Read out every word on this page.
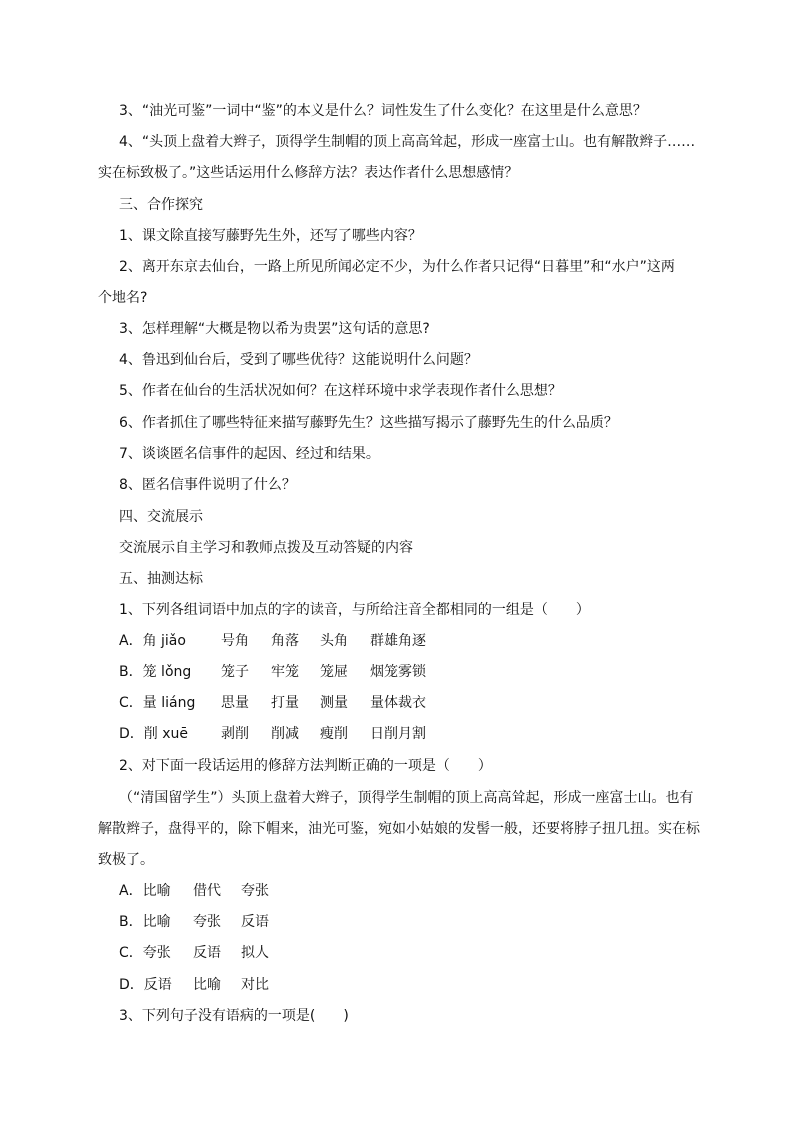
3、“油光可鉴”一词中“鉴”的本义是什么？词性发生了什么变化？在这里是什么意思？
4、“头顶上盘着大辫子，顶得学生制帽的顶上高高耸起，形成一座富士山。也有解散辫子……
实在标致极了。”这些话运用什么修辞方法？表达作者什么思想感情？
三、合作探究
1、课文除直接写藤野先生外，还写了哪些内容？
2、离开东京去仙台，一路上所见所闻必定不少，为什么作者只记得“日暮里”和“水户”这两
个地名?
3、怎样理解“大概是物以希为贵罢”这句话的意思?
4、鲁迅到仙台后，受到了哪些优待？这能说明什么问题？
5、作者在仙台的生活状况如何？在这样环境中求学表现作者什么思想？
6、作者抓住了哪些特征来描写藤野先生？这些描写揭示了藤野先生的什么品质？
7、谈谈匿名信事件的起因、经过和结果。
8、匿名信事件说明了什么？
四、交流展示
交流展示自主学习和教师点拨及互动答疑的内容
五、抽测达标
1、下列各组词语中加点的字的读音，与所给注音全都相同的一组是（　　）
A．角 jiǎo	号角	角落	头角	群雄角逐
B．笼 lǒng	笼子	牢笼	笼屉	烟笼雾锁
C．量 liáng	思量	打量	测量	量体裁衣
D．削 xuē	剥削	削减	瘦削	日削月割
2、对下面一段话运用的修辞方法判断正确的一项是（　　）
（“清国留学生”）头顶上盘着大辫子，顶得学生制帽的顶上高高耸起，形成一座富士山。也有
解散辫子，盘得平的，除下帽来，油光可鉴，宛如小姑娘的发髻一般，还要将脖子扭几扭。实在标
致极了。
A．比喻	借代	夸张
B．比喻	夸张	反语
C．夸张	反语	拟人
D．反语	比喻	对比
3、下列句子没有语病的一项是(　　)
